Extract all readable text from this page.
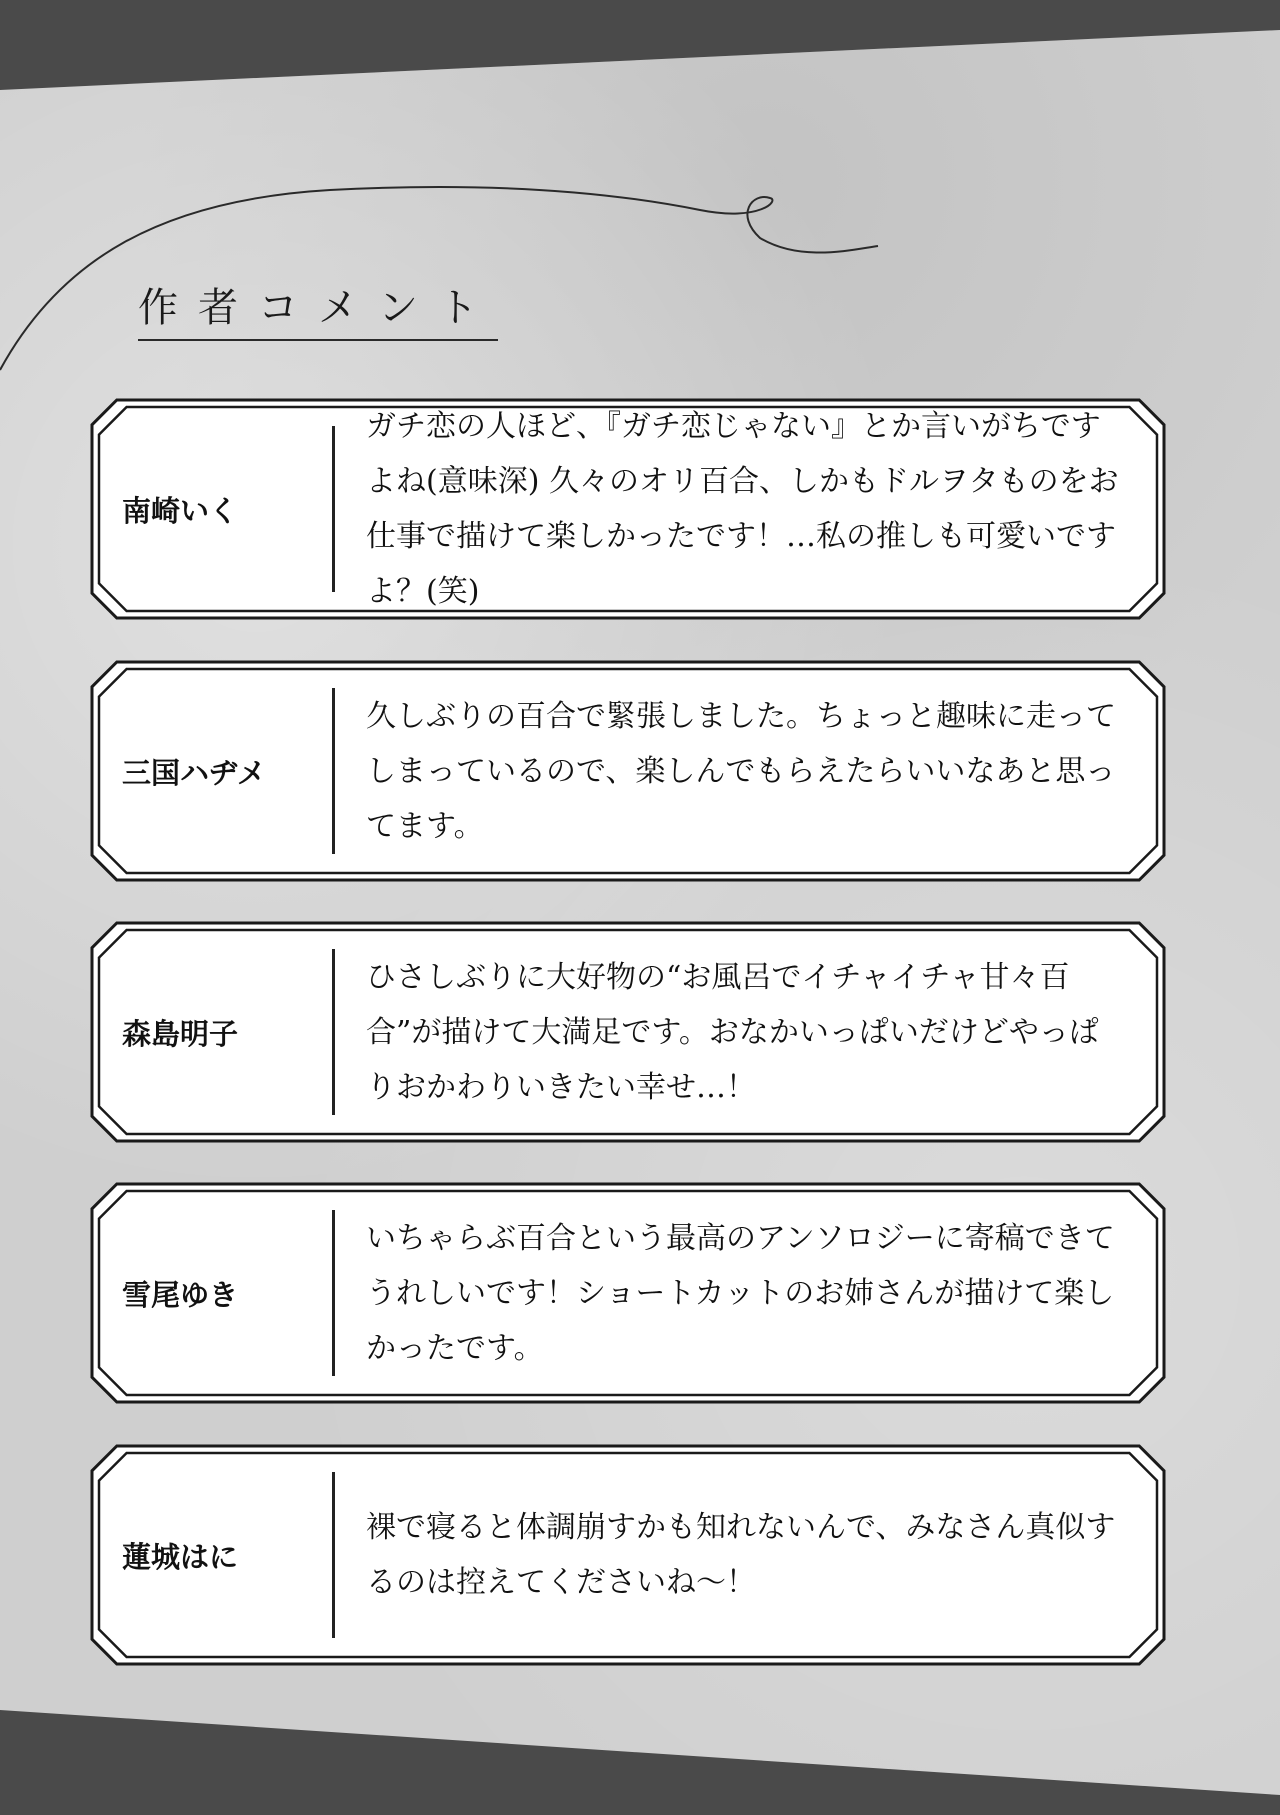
作者コメント
南崎いく
ガチ恋の人ほど、『ガチ恋じゃない』とか言いがちですよね(意味深) 久々のオリ百合、しかもドルヲタものをお仕事で描けて楽しかったです！…私の推しも可愛いですよ？(笑)
三国ハヂメ
久しぶりの百合で緊張しました。ちょっと趣味に走ってしまっているので、楽しんでもらえたらいいなあと思ってます。
森島明子
ひさしぶりに大好物の“お風呂でイチャイチャ甘々百合”が描けて大満足です。おなかいっぱいだけどやっぱりおかわりいきたい幸せ…！
雪尾ゆき
いちゃらぶ百合という最高のアンソロジーに寄稿できてうれしいです！ショートカットのお姉さんが描けて楽しかったです。
蓮城はに
裸で寝ると体調崩すかも知れないんで、みなさん真似するのは控えてくださいね～！
